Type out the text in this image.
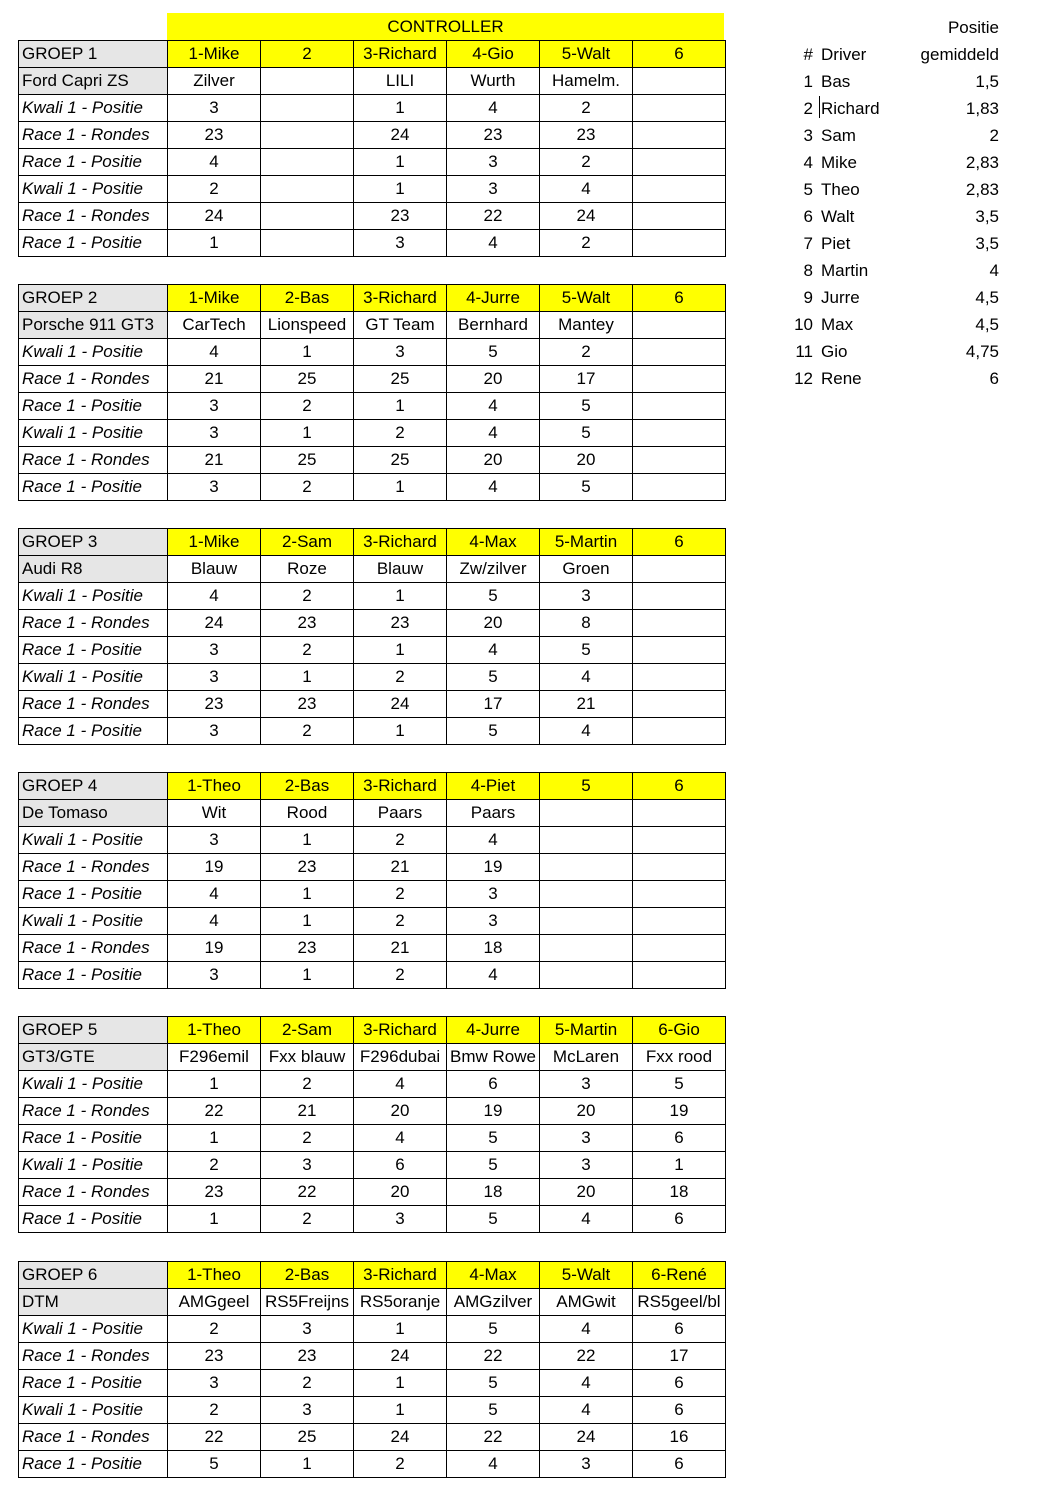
CONTROLLER
GROEP 1	1-Mike	2	3-Richard	4-Gio	5-Walt	6
Ford Capri ZS	Zilver		LILI	Wurth	Hamelm.	
Kwali 1 - Positie	3		1	4	2	
Race 1 - Rondes	23		24	23	23	
Race 1 - Positie	4		1	3	2	
Kwali 1 - Positie	2		1	3	4	
Race 1 - Rondes	24		23	22	24	
Race 1 - Positie	1		3	4	2	
GROEP 2	1-Mike	2-Bas	3-Richard	4-Jurre	5-Walt	6
Porsche 911 GT3	CarTech	Lionspeed	GT Team	Bernhard	Mantey	
Kwali 1 - Positie	4	1	3	5	2	
Race 1 - Rondes	21	25	25	20	17	
Race 1 - Positie	3	2	1	4	5	
Kwali 1 - Positie	3	1	2	4	5	
Race 1 - Rondes	21	25	25	20	20	
Race 1 - Positie	3	2	1	4	5	
GROEP 3	1-Mike	2-Sam	3-Richard	4-Max	5-Martin	6
Audi R8	Blauw	Roze	Blauw	Zw/zilver	Groen	
Kwali 1 - Positie	4	2	1	5	3	
Race 1 - Rondes	24	23	23	20	8	
Race 1 - Positie	3	2	1	4	5	
Kwali 1 - Positie	3	1	2	5	4	
Race 1 - Rondes	23	23	24	17	21	
Race 1 - Positie	3	2	1	5	4	
GROEP 4	1-Theo	2-Bas	3-Richard	4-Piet	5	6
De Tomaso	Wit	Rood	Paars	Paars		
Kwali 1 - Positie	3	1	2	4		
Race 1 - Rondes	19	23	21	19		
Race 1 - Positie	4	1	2	3		
Kwali 1 - Positie	4	1	2	3		
Race 1 - Rondes	19	23	21	18		
Race 1 - Positie	3	1	2	4		
GROEP 5	1-Theo	2-Sam	3-Richard	4-Jurre	5-Martin	6-Gio
GT3/GTE	F296emil	Fxx blauw	F296dubai	Bmw Rowe	McLaren	Fxx rood
Kwali 1 - Positie	1	2	4	6	3	5
Race 1 - Rondes	22	21	20	19	20	19
Race 1 - Positie	1	2	4	5	3	6
Kwali 1 - Positie	2	3	6	5	3	1
Race 1 - Rondes	23	22	20	18	20	18
Race 1 - Positie	1	2	3	5	4	6
GROEP 6	1-Theo	2-Bas	3-Richard	4-Max	5-Walt	6-René
DTM	AMGgeel	RS5Freijns	RS5oranje	AMGzilver	AMGwit	RS5geel/bl
Kwali 1 - Positie	2	3	1	5	4	6
Race 1 - Rondes	23	23	24	22	22	17
Race 1 - Positie	3	2	1	5	4	6
Kwali 1 - Positie	2	3	1	5	4	6
Race 1 - Rondes	22	25	24	22	24	16
Race 1 - Positie	5	1	2	4	3	6
Positie
# Driver	gemiddeld
1 Bas	1,5
2 Richard	1,83
3 Sam	2
4 Mike	2,83
5 Theo	2,83
6 Walt	3,5
7 Piet	3,5
8 Martin	4
9 Jurre	4,5
10 Max	4,5
11 Gio	4,75
12 Rene	6
